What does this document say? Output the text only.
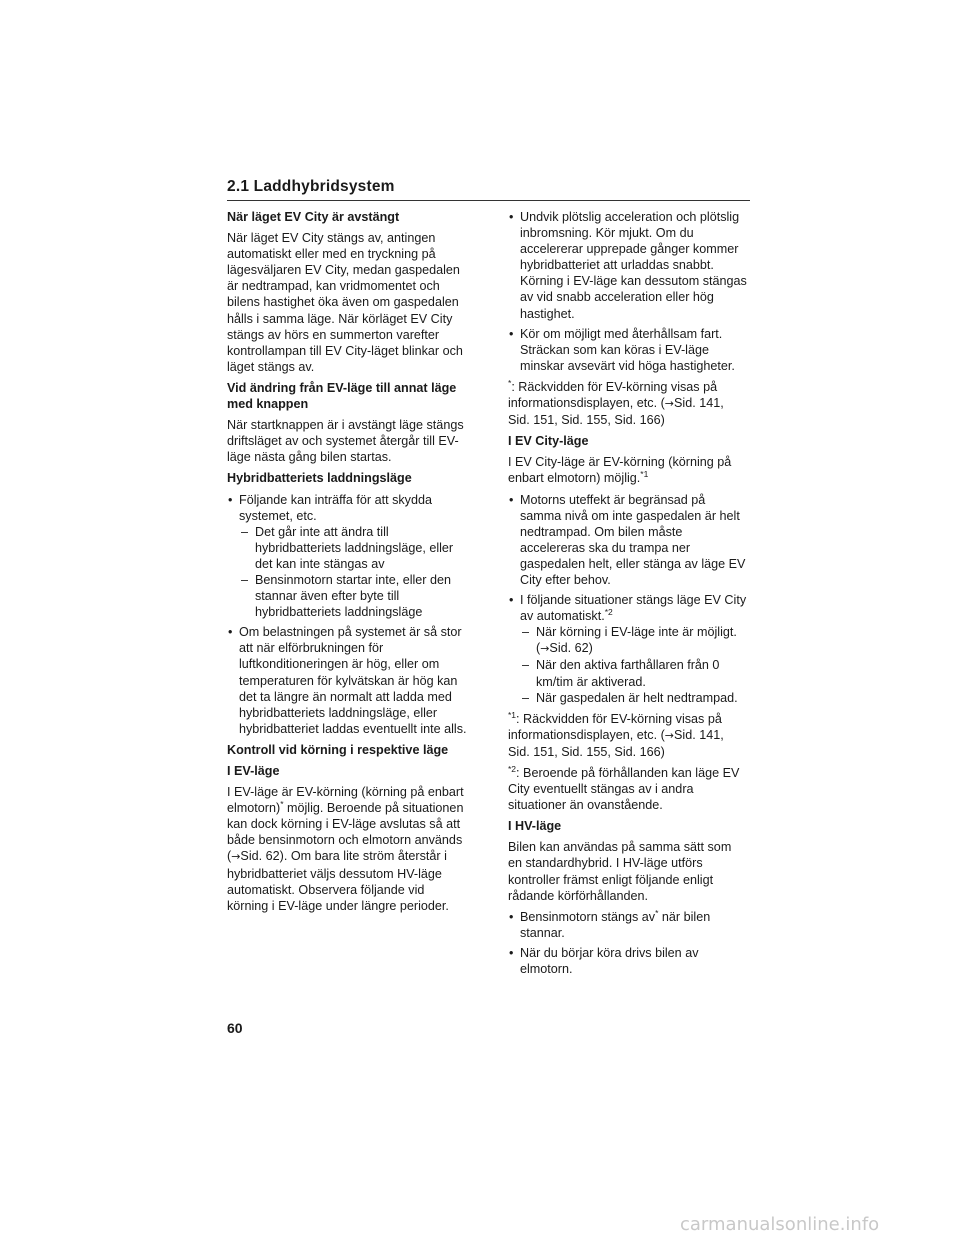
2.1 Laddhybridsystem
När läget EV City är avstängt
När läget EV City stängs av, antingen automatiskt eller med en tryckning på lägesväljaren EV City, medan gaspedalen är nedtrampad, kan vridmomentet och bilens hastighet öka även om gaspedalen hålls i samma läge. När körläget EV City stängs av hörs en summerton varefter kontrollampan till EV City-läget blinkar och läget stängs av.
Vid ändring från EV-läge till annat läge med knappen
När startknappen är i avstängt läge stängs driftsläget av och systemet återgår till EV-läge nästa gång bilen startas.
Hybridbatteriets laddningsläge
• Följande kan inträffa för att skydda systemet, etc.
– Det går inte att ändra till hybridbatteriets laddningsläge, eller det kan inte stängas av
– Bensinmotorn startar inte, eller den stannar även efter byte till hybridbatteriets laddningsläge
• Om belastningen på systemet är så stor att när elförbrukningen för luftkonditioneringen är hög, eller om temperaturen för kylvätskan är hög kan det ta längre än normalt att ladda med hybridbatteriets laddningsläge, eller hybridbatteriet laddas eventuellt inte alls.
Kontroll vid körning i respektive läge
I EV-läge
I EV-läge är EV-körning (körning på enbart elmotorn)* möjlig. Beroende på situationen kan dock körning i EV-läge avslutas så att både bensinmotorn och elmotorn används (→Sid. 62). Om bara lite ström återstår i hybridbatteriet väljs dessutom HV-läge automatiskt. Observera följande vid körning i EV-läge under längre perioder.
• Undvik plötslig acceleration och plötslig inbromsning. Kör mjukt. Om du accelererar upprepade gånger kommer hybridbatteriet att urladdas snabbt. Körning i EV-läge kan dessutom stängas av vid snabb acceleration eller hög hastighet.
• Kör om möjligt med återhållsam fart. Sträckan som kan köras i EV-läge minskar avsevärt vid höga hastigheter.
*: Räckvidden för EV-körning visas på informationsdisplayen, etc. (→Sid. 141, Sid. 151, Sid. 155, Sid. 166)
I EV City-läge
I EV City-läge är EV-körning (körning på enbart elmotorn) möjlig.$^{*1}$
• Motorns uteffekt är begränsad på samma nivå om inte gaspedalen är helt nedtrampad. Om bilen måste accelereras ska du trampa ner gaspedalen helt, eller stänga av läge EV City efter behov.
• I följande situationer stängs läge EV City av automatiskt.$^{*2}$
– När körning i EV-läge inte är möjligt. (→Sid. 62)
– När den aktiva farthållaren från 0 km/tim är aktiverad.
– När gaspedalen är helt nedtrampad.
$^{*1}$: Räckvidden för EV-körning visas på informationsdisplayen, etc. (→Sid. 141, Sid. 151, Sid. 155, Sid. 166)
$^{*2}$: Beroende på förhållanden kan läge EV City eventuellt stängas av i andra situationer än ovanstående.
I HV-läge
Bilen kan användas på samma sätt som en standardhybrid. I HV-läge utförs kontroller främst enligt följande enligt rådande körförhållanden.
• Bensinmotorn stängs av* när bilen stannar.
• När du börjar köra drivs bilen av elmotorn.
60
carmanualsonline.info
